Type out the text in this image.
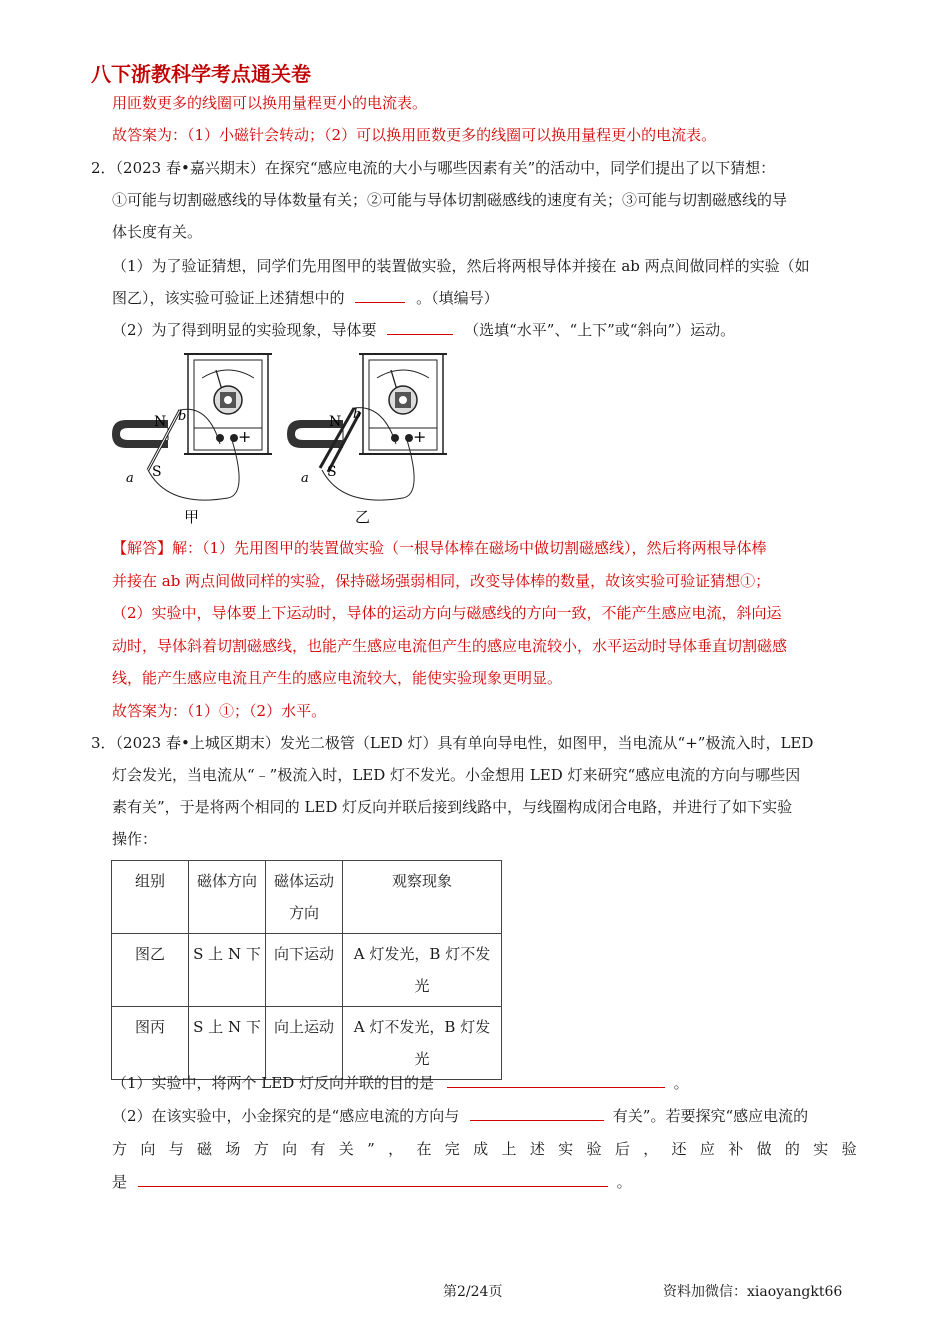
八下浙教科学考点通关卷
用匝数更多的线圈可以换用量程更小的电流表。
故答案为：（1）小磁针会转动；（2）可以换用匝数更多的线圈可以换用量程更小的电流表。
2．（2023 春•嘉兴期末）在探究“感应电流的大小与哪些因素有关”的活动中，同学们提出了以下猜想：
①可能与切割磁感线的导体数量有关；②可能与导体切割磁感线的速度有关；③可能与切割磁感线的导
体长度有关。
（1）为了验证猜想，同学们先用图甲的装置做实验，然后将两根导体并接在 ab 两点间做同样的实验（如
图乙），该实验可验证上述猜想中的	。（填编号）
（2）为了得到明显的实验现象，导体要	（选填“水平”、“上下”或“斜向”）运动。
N
S
a
b
+
甲
N
S
a
b
+
乙
【解答】解：（1）先用图甲的装置做实验（一根导体棒在磁场中做切割磁感线），然后将两根导体棒
并接在 ab 两点间做同样的实验，保持磁场强弱相同，改变导体棒的数量，故该实验可验证猜想①；
（2）实验中，导体要上下运动时，导体的运动方向与磁感线的方向一致，不能产生感应电流，斜向运
动时，导体斜着切割磁感线，也能产生感应电流但产生的感应电流较小，水平运动时导体垂直切割磁感
线，能产生感应电流且产生的感应电流较大，能使实验现象更明显。
故答案为：（1）①；（2）水平。
3．（2023 春•上城区期末）发光二极管（LED 灯）具有单向导电性，如图甲，当电流从“+”极流入时，LED
灯会发光，当电流从“﹣”极流入时，LED 灯不发光。小金想用 LED 灯来研究“感应电流的方向与哪些因
素有关”，于是将两个相同的 LED 灯反向并联后接到线路中，与线圈构成闭合电路，并进行了如下实验
操作：
组别	磁体方向	磁体运动方向	观察现象
图乙	S 上 N 下	向下运动	A 灯发光，B 灯不发光
图丙	S 上 N 下	向上运动	A 灯不发光，B 灯发光
（1）实验中，将两个 LED 灯反向并联的目的是	。
（2）在该实验中，小金探究的是“感应电流的方向与	有关”。若要探究“感应电流的
方 向 与 磁 场 方 向 有 关 ” ， 在 完 成 上 述 实 验 后 ， 还 应 补 做 的 实 验
是	。
第2/24页	资料加微信：xiaoyangkt66
